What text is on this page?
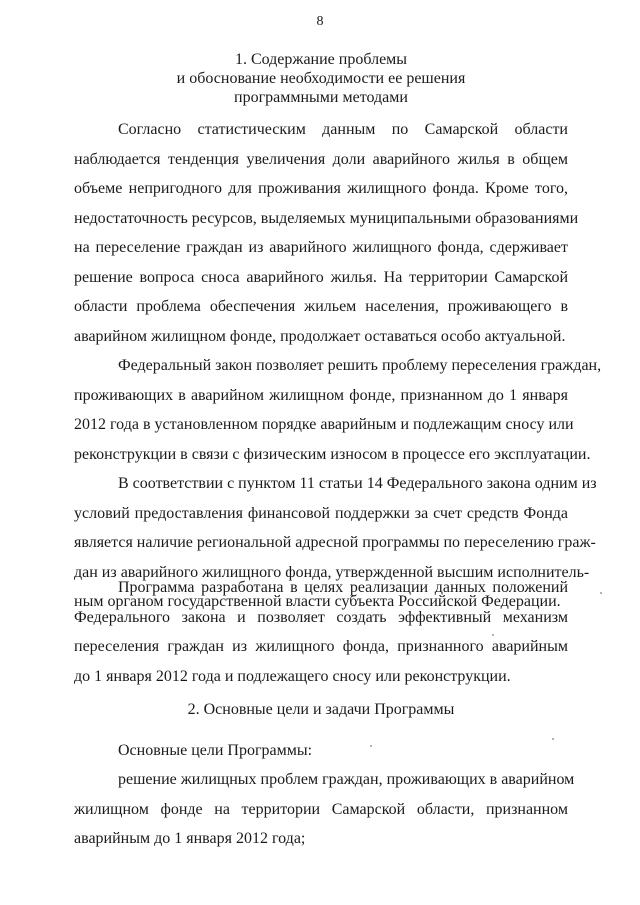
8
1. Содержание проблемы
и обоснование необходимости ее решения
программными методами
Согласно статистическим данным по Самарской области
наблюдается тенденция увеличения доли аварийного жилья в общем
объеме непригодного для проживания жилищного фонда. Кроме того,
недостаточность ресурсов, выделяемых муниципальными образованиями
на переселение граждан из аварийного жилищного фонда, сдерживает
решение вопроса сноса аварийного жилья. На территории Самарской
области проблема обеспечения жильем населения, проживающего в
аварийном жилищном фонде, продолжает оставаться особо актуальной.
Федеральный закон позволяет решить проблему переселения граждан,
проживающих в аварийном жилищном фонде, признанном до 1 января
2012 года в установленном порядке аварийным и подлежащим сносу или
реконструкции в связи с физическим износом в процессе его эксплуатации.
В соответствии с пунктом 11 статьи 14 Федерального закона одним из
условий предоставления финансовой поддержки за счет средств Фонда
является наличие региональной адресной программы по переселению граж-
дан из аварийного жилищного фонда, утвержденной высшим исполнитель-
ным органом государственной власти субъекта Российской Федерации.
Программа разработана в целях реализации данных положений
Федерального закона и позволяет создать эффективный механизм
переселения граждан из жилищного фонда, признанного аварийным
до 1 января 2012 года и подлежащего сносу или реконструкции.
2. Основные цели и задачи Программы
Основные цели Программы:
решение жилищных проблем граждан, проживающих в аварийном
жилищном фонде на территории Самарской области, признанном
аварийным до 1 января 2012 года;
